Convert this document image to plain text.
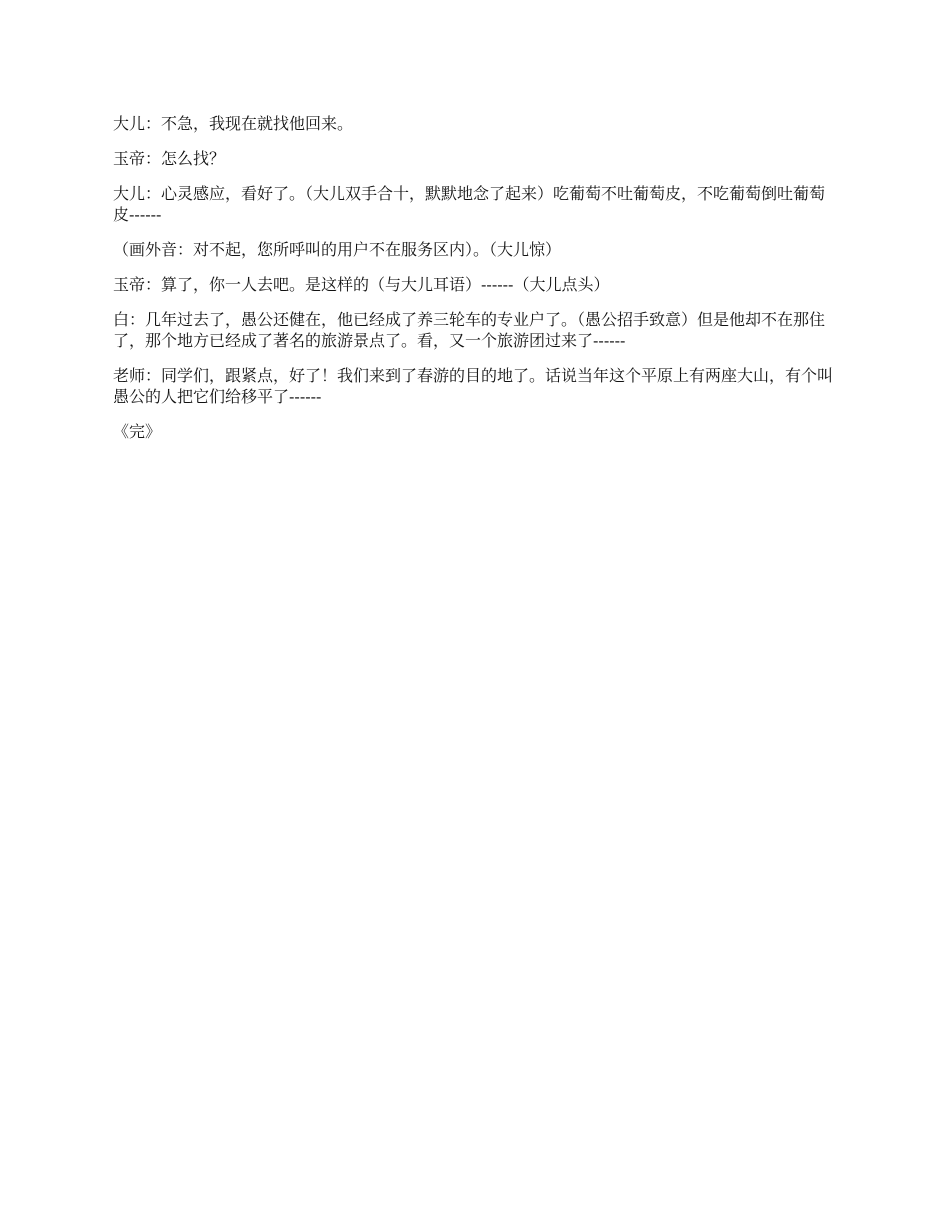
大儿：不急，我现在就找他回来。

玉帝：怎么找？

大儿：心灵感应，看好了。（大儿双手合十，默默地念了起来）吃葡萄不吐葡萄皮，不吃葡萄倒吐葡萄皮------

（画外音：对不起，您所呼叫的用户不在服务区内）。（大儿惊）

玉帝：算了，你一人去吧。是这样的（与大儿耳语）------（大儿点头）

白：几年过去了，愚公还健在，他已经成了养三轮车的专业户了。（愚公招手致意）但是他却不在那住了，那个地方已经成了著名的旅游景点了。看，又一个旅游团过来了------

老师：同学们，跟紧点，好了！我们来到了春游的目的地了。话说当年这个平原上有两座大山，有个叫愚公的人把它们给移平了------

《完》
